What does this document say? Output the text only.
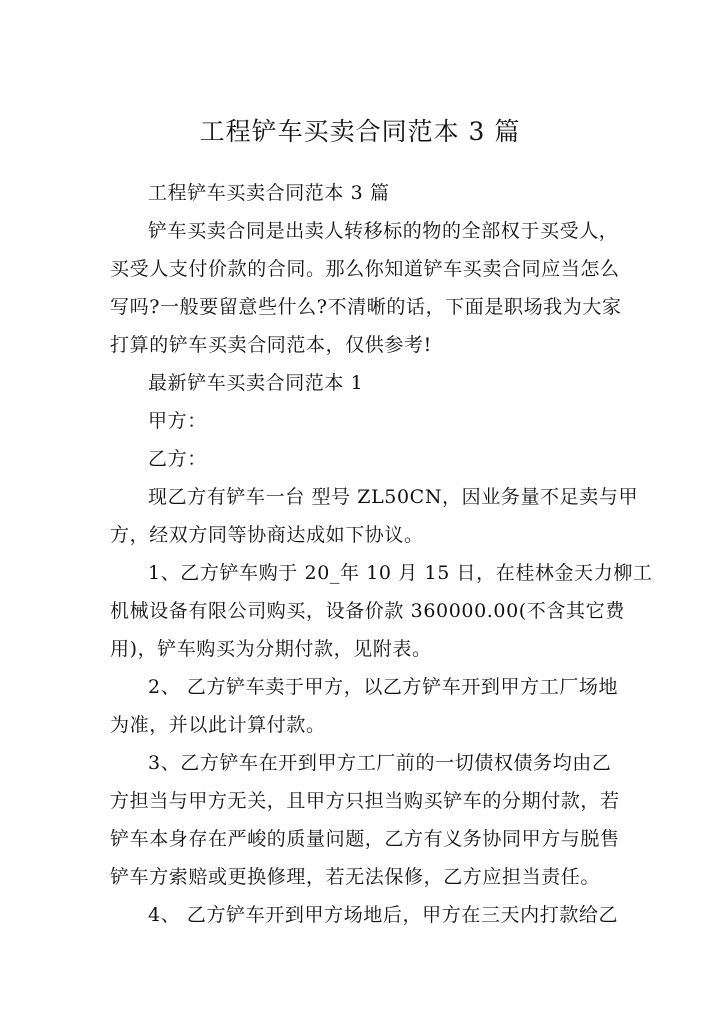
工程铲车买卖合同范本 3 篇

工程铲车买卖合同范本 3 篇

铲车买卖合同是出卖人转移标的物的全部权于买受人，

买受人支付价款的合同。那么你知道铲车买卖合同应当怎么

写吗?一般要留意些什么?不清晰的话，下面是职场我为大家

打算的铲车买卖合同范本，仅供参考!

最新铲车买卖合同范本 1

甲方：

乙方：

现乙方有铲车一台 型号 ZL50CN，因业务量不足卖与甲

方，经双方同等协商达成如下协议。

1、乙方铲车购于 20_年 10 月 15 日，在桂林金天力柳工

机械设备有限公司购买，设备价款 360000.00(不含其它费

用)，铲车购买为分期付款，见附表。

2、 乙方铲车卖于甲方，以乙方铲车开到甲方工厂场地

为准，并以此计算付款。

3、乙方铲车在开到甲方工厂前的一切债权债务均由乙

方担当与甲方无关，且甲方只担当购买铲车的分期付款，若

铲车本身存在严峻的质量问题，乙方有义务协同甲方与脱售

铲车方索赔或更换修理，若无法保修，乙方应担当责任。

4、 乙方铲车开到甲方场地后，甲方在三天内打款给乙
